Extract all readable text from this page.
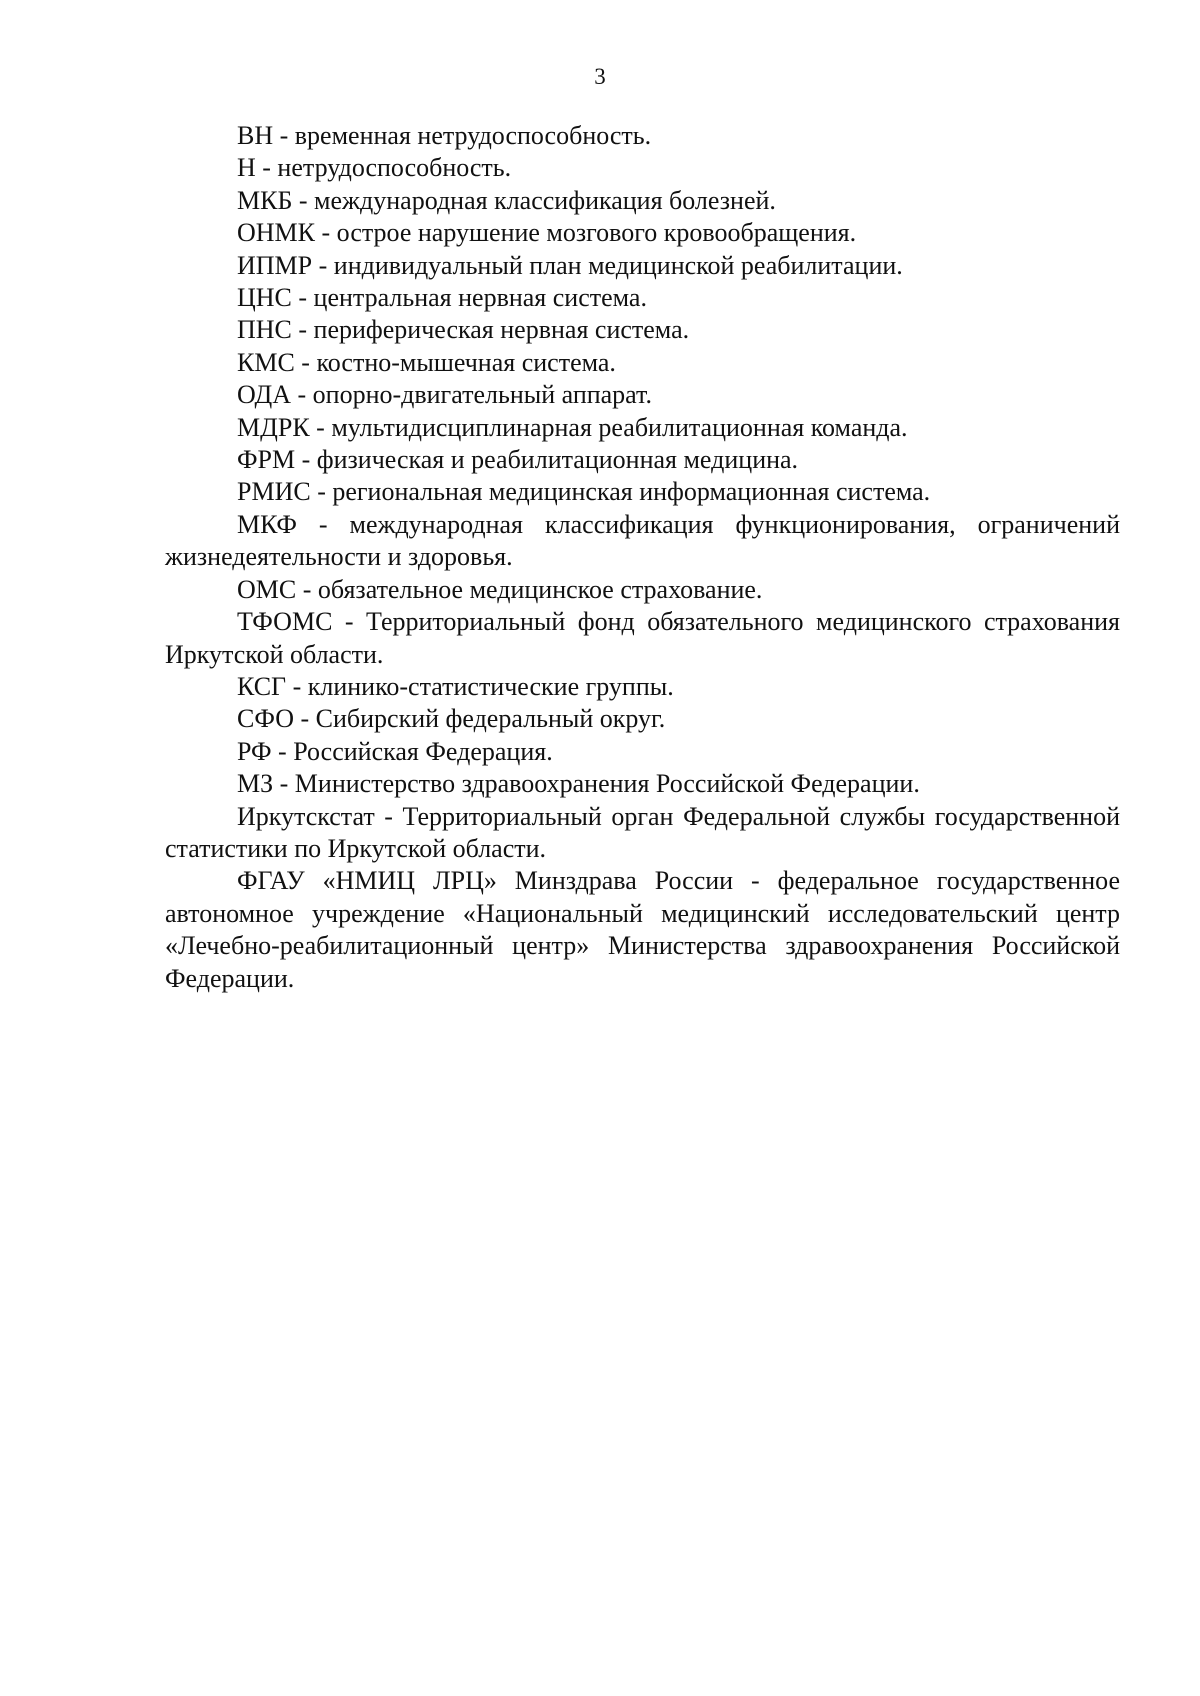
3

ВН - временная нетрудоспособность.

Н - нетрудоспособность.

МКБ - международная классификация болезней.

ОНМК - острое нарушение мозгового кровообращения.

ИПМР - индивидуальный план медицинской реабилитации.

ЦНС - центральная нервная система.

ПНС - периферическая нервная система.

КМС - костно-мышечная система.

ОДА - опорно-двигательный аппарат.

МДРК - мультидисциплинарная реабилитационная команда.

ФРМ - физическая и реабилитационная медицина.

РМИС - региональная медицинская информационная система.

МКФ - международная классификация функционирования, ограничений жизнедеятельности и здоровья.

ОМС - обязательное медицинское страхование.

ТФОМС - Территориальный фонд обязательного медицинского страхования Иркутской области.

КСГ - клинико-статистические группы.

СФО - Сибирский федеральный округ.

РФ - Российская Федерация.

МЗ - Министерство здравоохранения Российской Федерации.

Иркутскстат - Территориальный орган Федеральной службы государственной статистики по Иркутской области.

ФГАУ «НМИЦ ЛРЦ» Минздрава России - федеральное государственное автономное учреждение «Национальный медицинский исследовательский центр «Лечебно-реабилитационный центр» Министерства здравоохранения Российской Федерации.
